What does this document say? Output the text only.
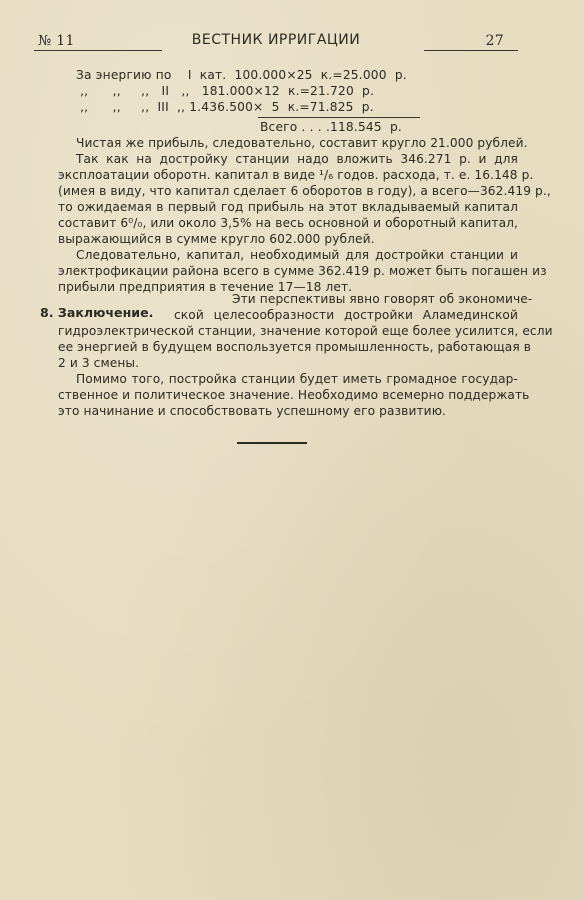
№ 11	ВЕСТНИК ИРРИГАЦИИ	27
За энергию по    I  кат.  100.000×25  к.=25.000  р.
,,      ,,     ,,   II   ,,   181.000×12  к.=21.720  р.
,,      ,,     ,,  III  ,, 1.436.500×  5  к.=71.825  р.
Всего . . . .118.545  р.
Чистая же прибыль, следовательно, составит кругло 21.000 рублей.
Так как на достройку станции надо вложить 346.271 р. и для
эксплоатации оборотн. капитал в виде ¹/₆ годов. расхода, т. е. 16.148 р.
(имея в виду, что капитал сделает 6 оборотов в году), а всего—362.419 р.,
то ожидаемая в первый год прибыль на этот вкладываемый капитал
составит 6⁰/₀, или около 3,5% на весь основной и оборотный капитал,
выражающийся в сумме кругло 602.000 рублей.
Следовательно, капитал, необходимый для достройки станции и
электрофикации района всего в сумме 362.419 р. может быть погашен из
прибыли предприятия в течение 17—18 лет.
Эти перспективы явно говорят об экономиче-
8. Заключение. ской целесообразности достройки Аламединской
гидроэлектрической станции, значение которой еще более усилится, если
ее энергией в будущем воспользуется промышленность, работающая в
2 и 3 смены.
Помимо того, постройка станции будет иметь громадное государ-
ственное и политическое значение. Необходимо всемерно поддержать
это начинание и способствовать успешному его развитию.
